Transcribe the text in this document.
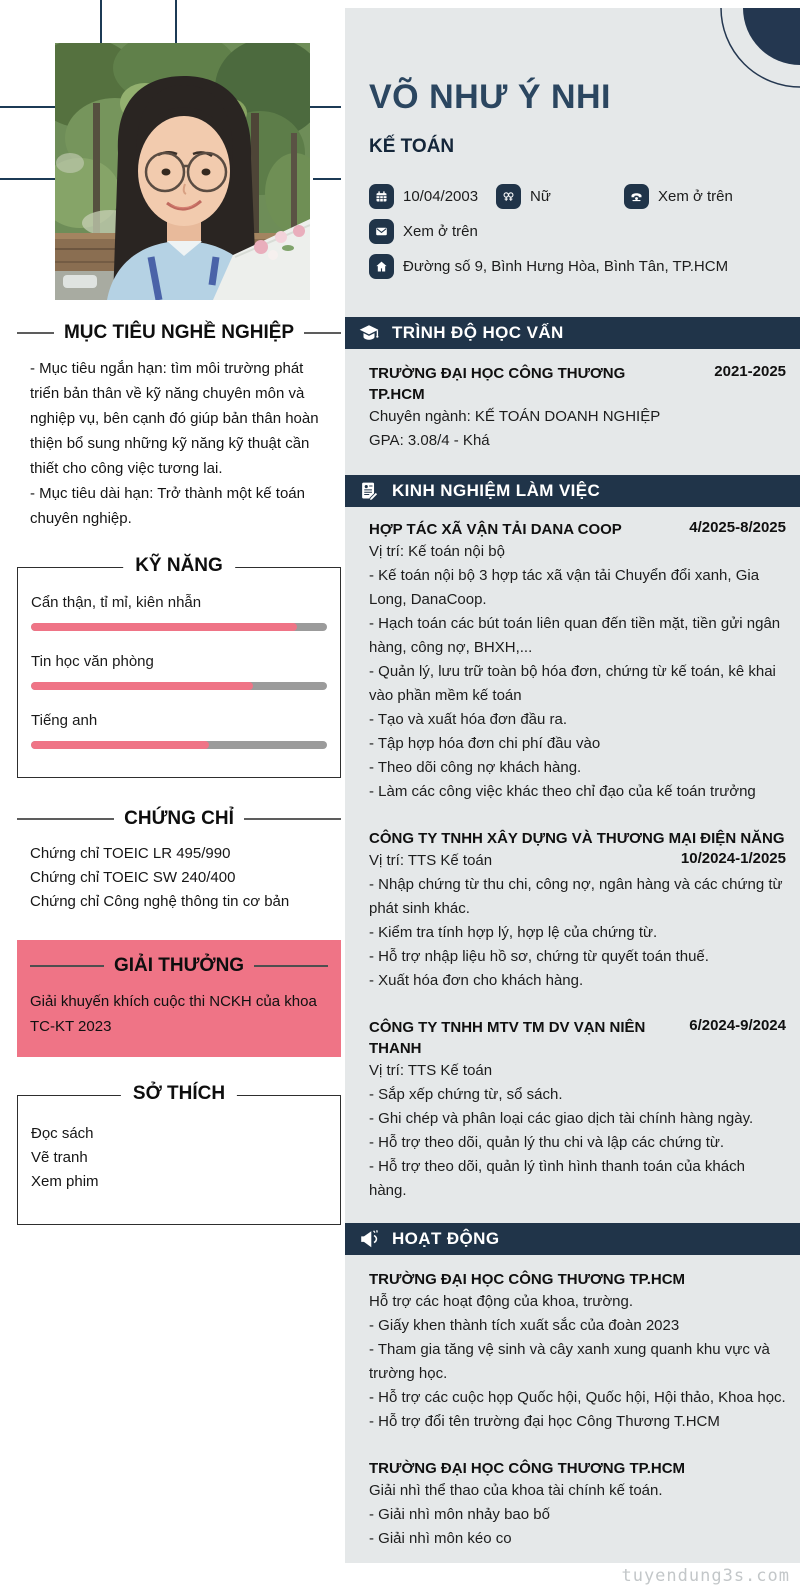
MỤC TIÊU NGHỀ NGHIỆP

- Mục tiêu ngắn hạn: tìm môi trường phát triển bản thân về kỹ năng chuyên môn và nghiệp vụ, bên cạnh đó giúp bản thân hoàn thiện bổ sung những kỹ năng kỹ thuật cần thiết cho công việc tương lai.

- Mục tiêu dài hạn: Trở thành một kế toán chuyên nghiệp.

KỸ NĂNG
Cẩn thận, tỉ mỉ, kiên nhẫn
Tin học văn phòng
Tiếng anh
CHỨNG CHỈ
Chứng chỉ TOEIC LR 495/990
Chứng chỉ TOEIC SW 240/400
Chứng chỉ Công nghệ thông tin cơ bản
GIẢI THƯỞNG
Giải khuyến khích cuộc thi NCKH của khoa TC-KT 2023
SỞ THÍCH
Đọc sách
Vẽ tranh
Xem phim
VÕ NHƯ Ý NHI
KẾ TOÁN
10/04/2003	Nữ	Xem ở trên
Xem ở trên
Đường số 9, Bình Hưng Hòa, Bình Tân, TP.HCM
TRÌNH ĐỘ HỌC VẤN
TRƯỜNG ĐẠI HỌC CÔNG THƯƠNG TP.HCM
2021-2025
Chuyên ngành: KẾ TOÁN DOANH NGHIỆP
GPA: 3.08/4 - Khá
KINH NGHIỆM LÀM VIỆC
HỢP TÁC XÃ VẬN TẢI DANA COOP	4/2025-8/2025
Vị trí: Kế toán nội bộ
- Kế toán nội bộ 3 hợp tác xã vận tải Chuyển đổi xanh, Gia Long, DanaCoop.
- Hạch toán các bút toán liên quan đến tiền mặt, tiền gửi ngân hàng, công nợ, BHXH,...
- Quản lý, lưu trữ toàn bộ hóa đơn, chứng từ kế toán, kê khai vào phần mềm kế toán
- Tạo và xuất hóa đơn đầu ra.
- Tập hợp hóa đơn chi phí đầu vào
- Theo dõi công nợ khách hàng.
- Làm các công việc khác theo chỉ đạo của kế toán trưởng
CÔNG TY TNHH XÂY DỰNG VÀ THƯƠNG MẠI ĐIỆN NĂNG
10/2024-1/2025
Vị trí: TTS Kế toán
- Nhập chứng từ thu chi, công nợ, ngân hàng và các chứng từ phát sinh khác.
- Kiểm tra tính hợp lý, hợp lệ của chứng từ.
- Hỗ trợ nhập liệu hồ sơ, chứng từ quyết toán thuế.
- Xuất hóa đơn cho khách hàng.
CÔNG TY TNHH MTV TM DV VẠN NIÊN THANH
6/2024-9/2024
Vị trí: TTS Kế toán
- Sắp xếp chứng từ, sổ sách.
- Ghi chép và phân loại các giao dịch tài chính hàng ngày.
- Hỗ trợ theo dõi, quản lý thu chi và lập các chứng từ.
- Hỗ trợ theo dõi, quản lý tình hình thanh toán của khách hàng.
HOẠT ĐỘNG
TRƯỜNG ĐẠI HỌC CÔNG THƯƠNG TP.HCM
Hỗ trợ các hoạt động của khoa, trường.
- Giấy khen thành tích xuất sắc của đoàn 2023
- Tham gia tăng vệ sinh và cây xanh xung quanh khu vực và trường học.
- Hỗ trợ các cuộc họp Quốc hội, Quốc hội, Hội thảo, Khoa học.
- Hỗ trợ đổi tên trường đại học Công Thương T.HCM
TRƯỜNG ĐẠI HỌC CÔNG THƯƠNG TP.HCM
Giải nhì thể thao của khoa tài chính kế toán.
- Giải nhì môn nhảy bao bố
- Giải nhì môn kéo co
tuyendung3s.com
